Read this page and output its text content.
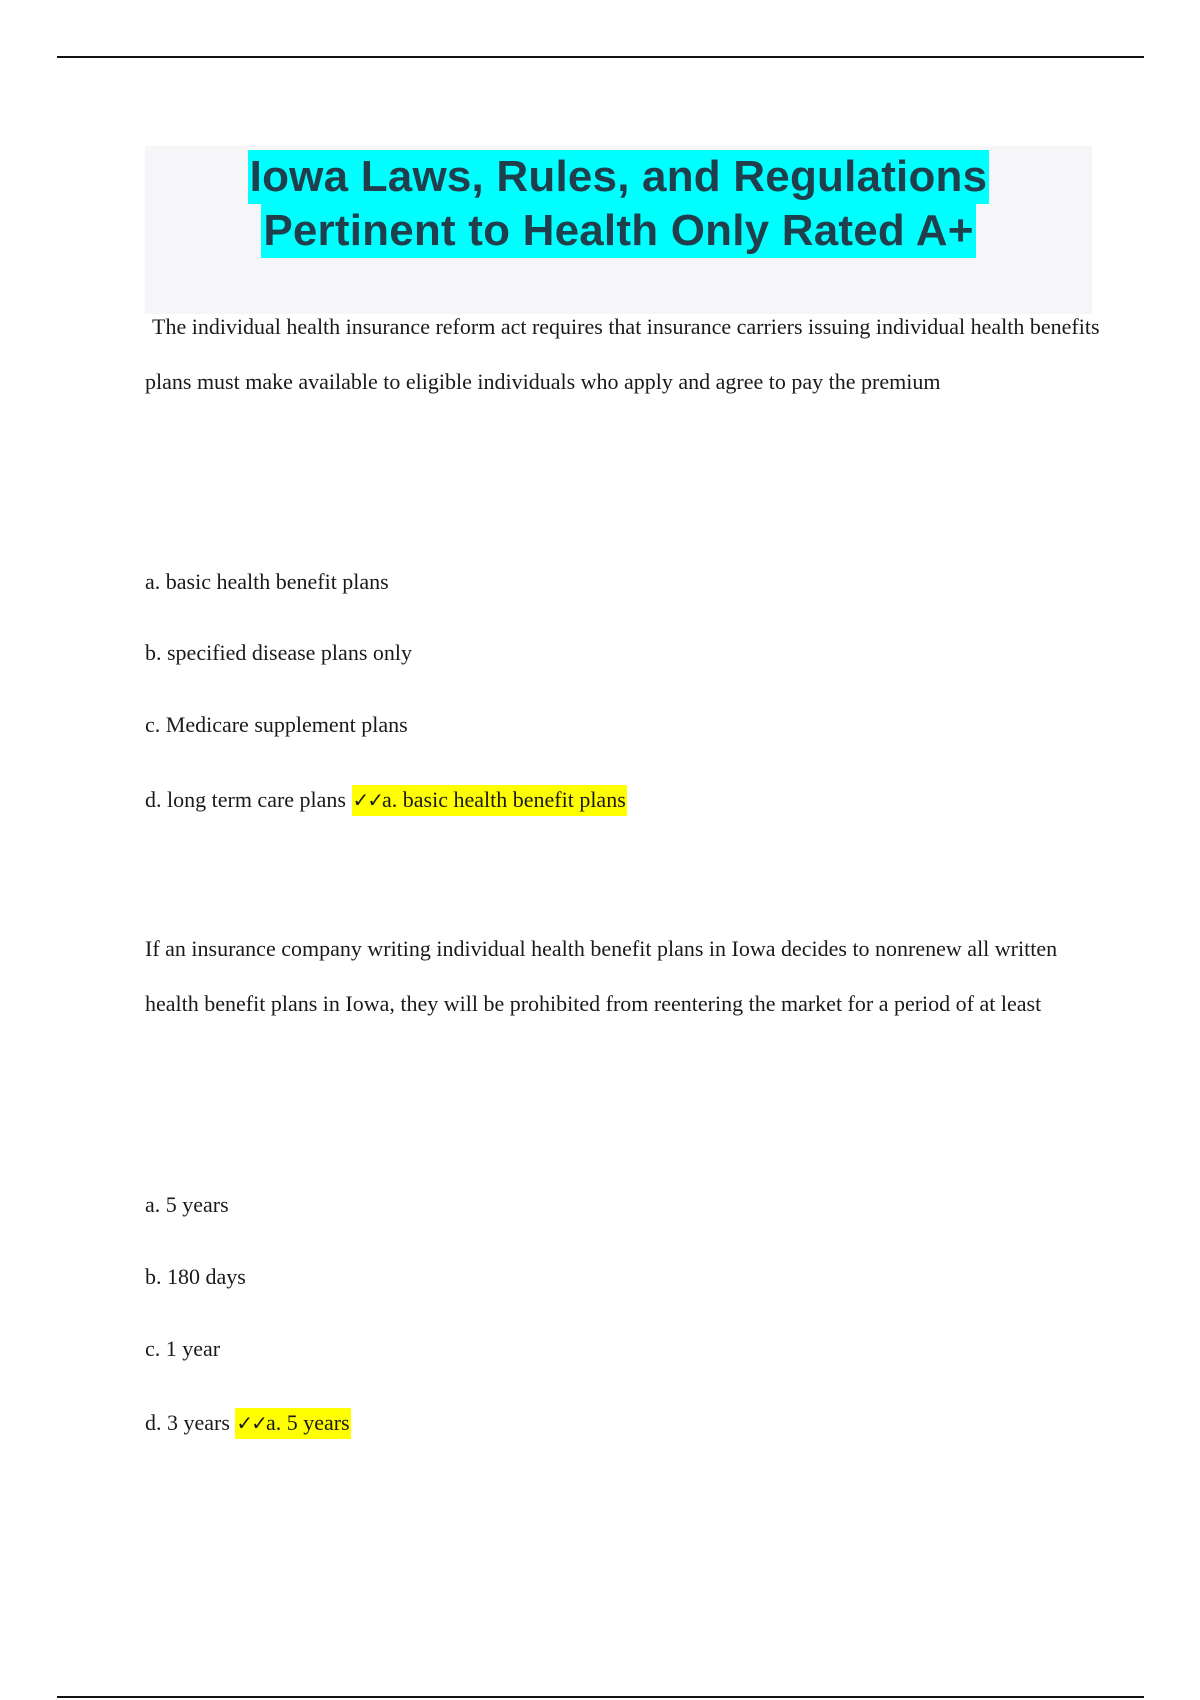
Iowa Laws, Rules, and Regulations
Pertinent to Health Only Rated A+

The individual health insurance reform act requires that insurance carriers issuing individual health benefits plans must make available to eligible individuals who apply and agree to pay the premium

a. basic health benefit plans

b. specified disease plans only

c. Medicare supplement plans

d. long term care plans ✓✓a. basic health benefit plans

If an insurance company writing individual health benefit plans in Iowa decides to nonrenew all written health benefit plans in Iowa, they will be prohibited from reentering the market for a period of at least

a. 5 years

b. 180 days

c. 1 year

d. 3 years ✓✓a. 5 years
